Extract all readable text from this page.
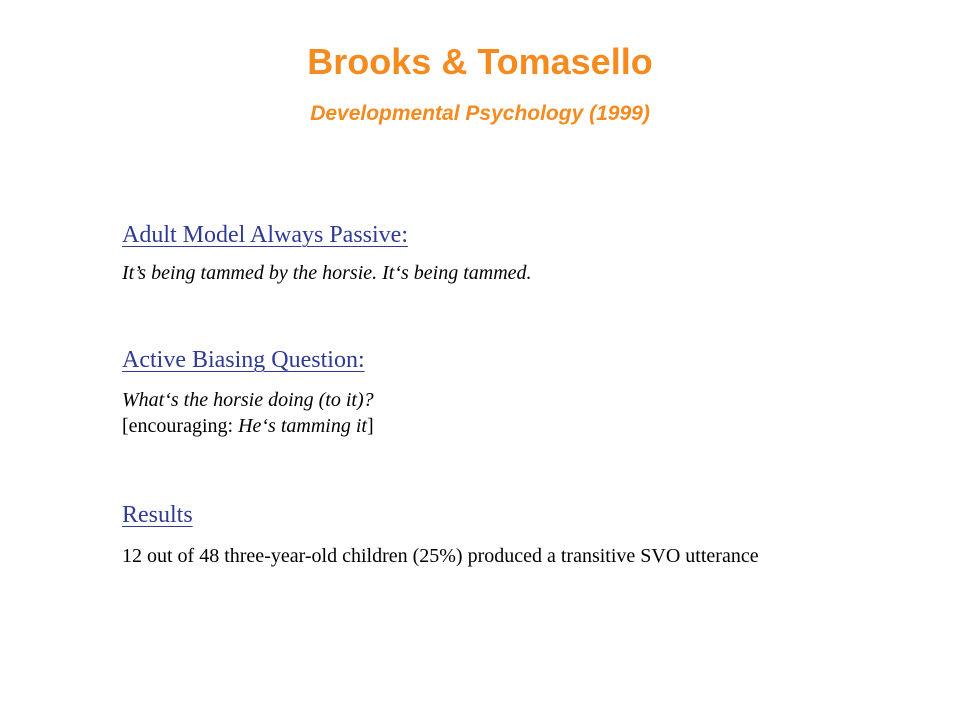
Brooks & Tomasello
Developmental Psychology (1999)
Adult Model Always Passive:
It’s being tammed by the horsie. It‘s being tammed.
Active Biasing Question:
What‘s the horsie doing (to it)?
[encouraging: He‘s tamming it]
Results
12 out of 48 three-year-old children (25%) produced a transitive SVO utterance
